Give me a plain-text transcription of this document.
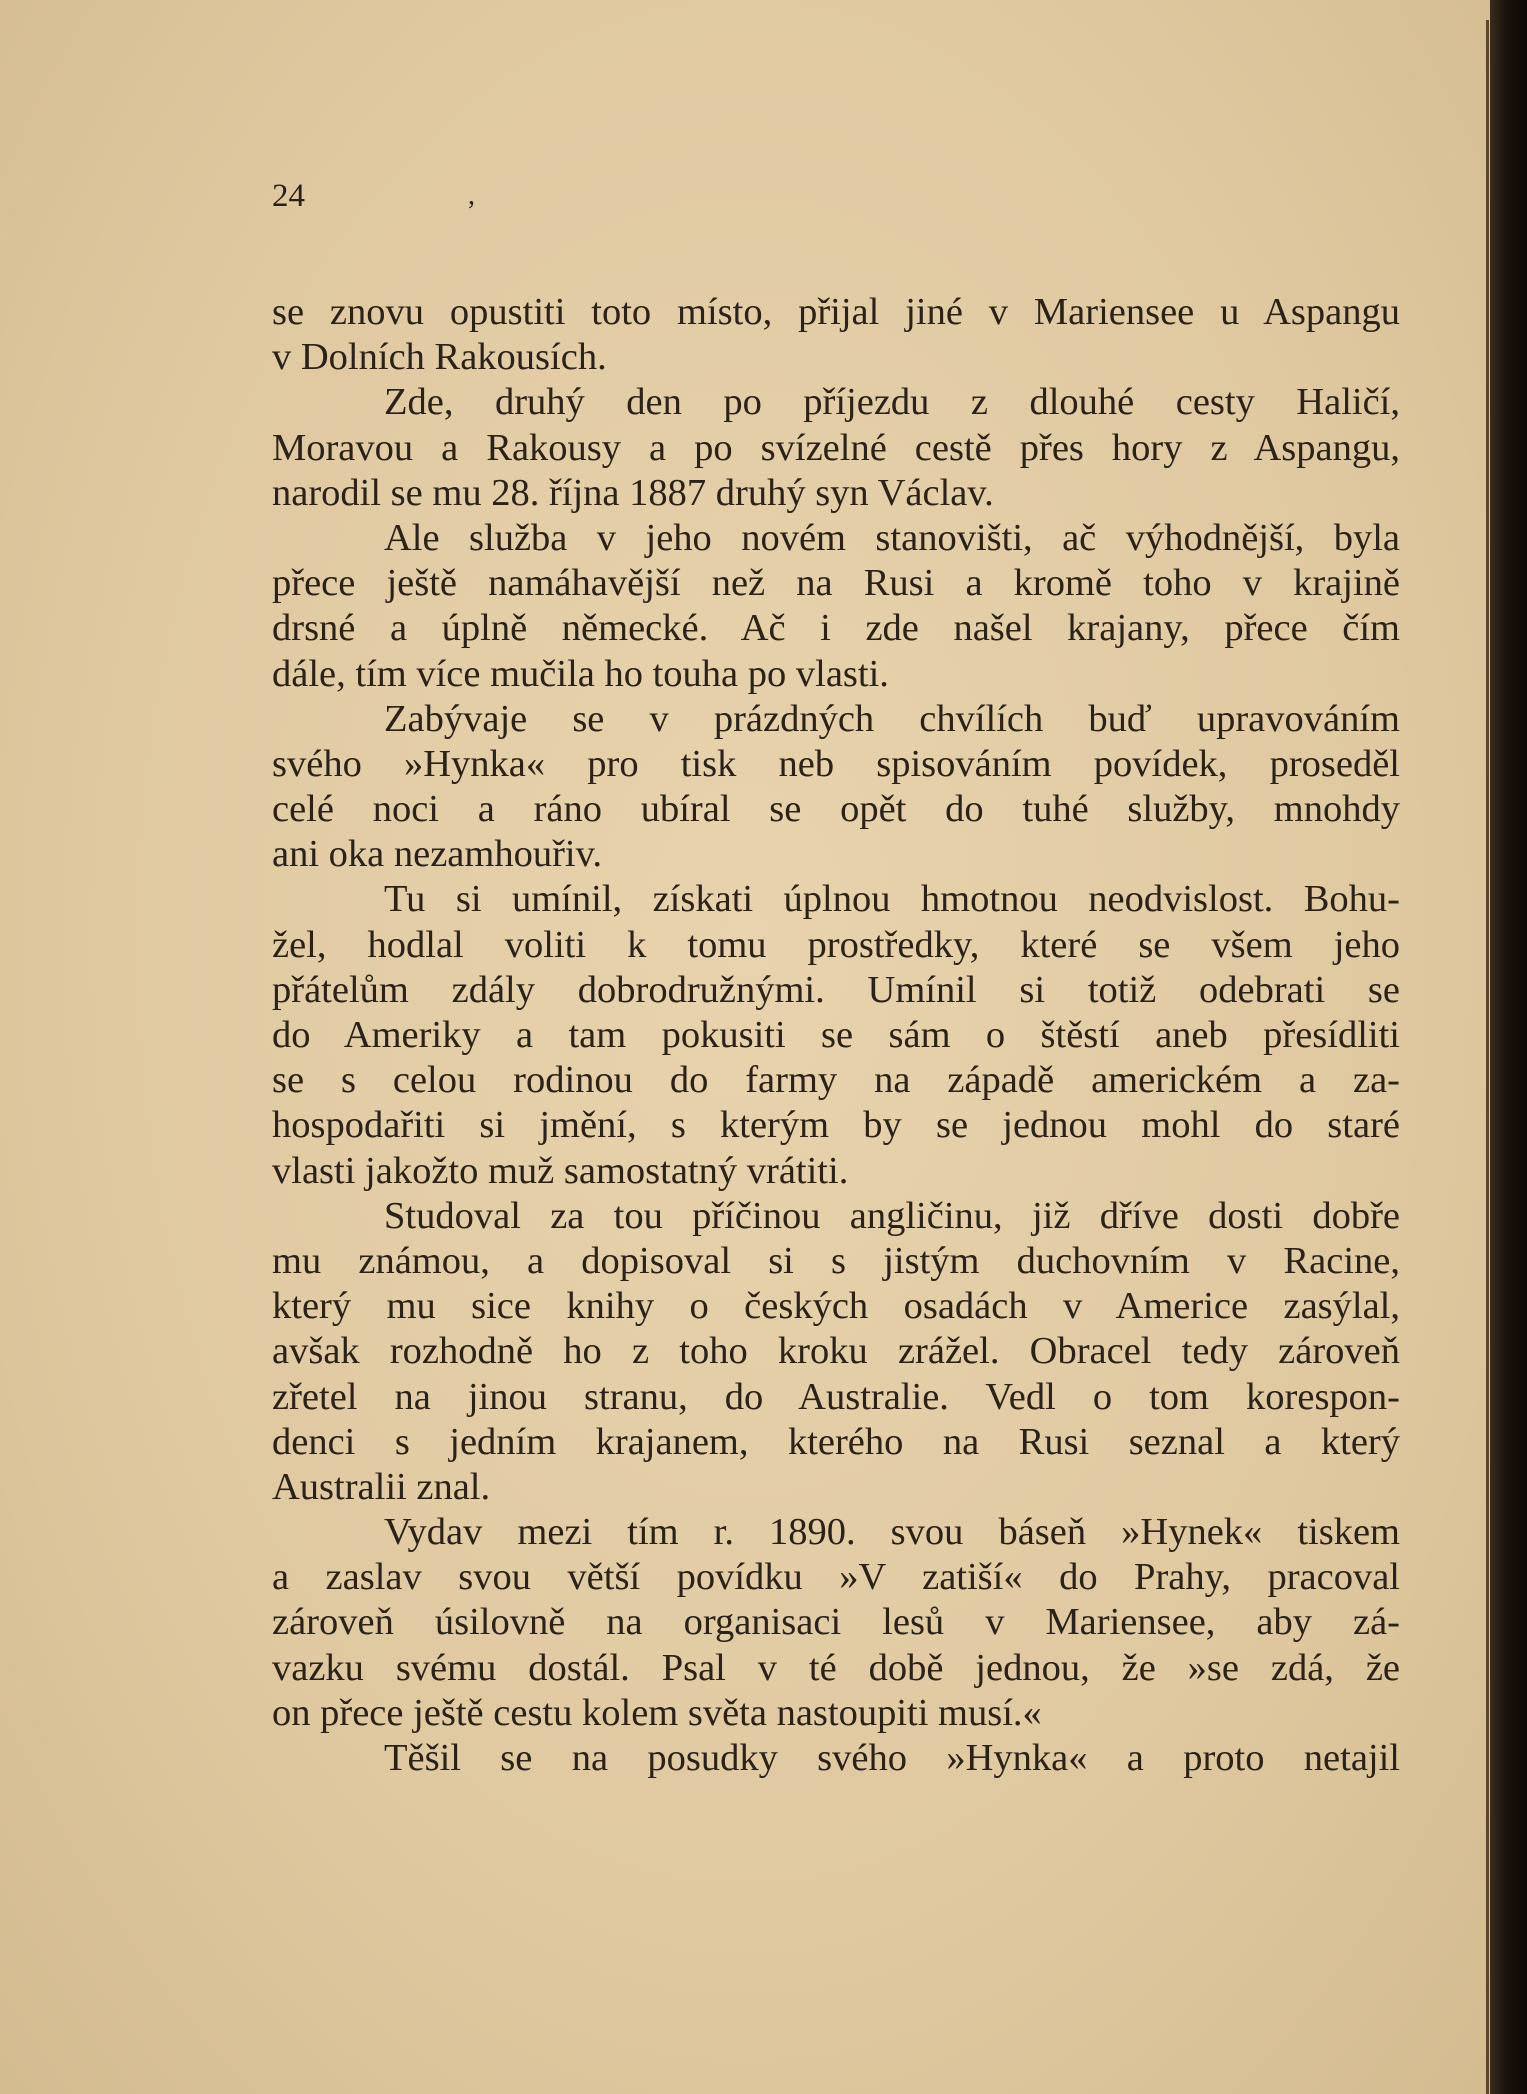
24	,
se znovu opustiti toto místo, přijal jiné v Mariensee u Aspangu
v Dolních Rakousích.
Zde, druhý den po příjezdu z dlouhé cesty Haličí,
Moravou a Rakousy a po svízelné cestě přes hory z Aspangu,
narodil se mu 28. října 1887 druhý syn Václav.
Ale služba v jeho novém stanovišti, ač výhodnější, byla
přece ještě namáhavější než na Rusi a kromě toho v krajině
drsné a úplně německé. Ač i zde našel krajany, přece čím
dále, tím více mučila ho touha po vlasti.
Zabývaje se v prázdných chvílích buď upravováním
svého »Hynka« pro tisk neb spisováním povídek, proseděl
celé noci a ráno ubíral se opět do tuhé služby, mnohdy
ani oka nezamhouřiv.
Tu si umínil, získati úplnou hmotnou neodvislost. Bohu-
žel, hodlal voliti k tomu prostředky, které se všem jeho
přátelům zdály dobrodružnými. Umínil si totiž odebrati se
do Ameriky a tam pokusiti se sám o štěstí aneb přesídliti
se s celou rodinou do farmy na západě americkém a za-
hospodařiti si jmění, s kterým by se jednou mohl do staré
vlasti jakožto muž samostatný vrátiti.
Studoval za tou příčinou angličinu, již dříve dosti dobře
mu známou, a dopisoval si s jistým duchovním v Racine,
který mu sice knihy o českých osadách v Americe zasýlal,
avšak rozhodně ho z toho kroku zrážel. Obracel tedy zároveň
zřetel na jinou stranu, do Australie. Vedl o tom korespon-
denci s jedním krajanem, kterého na Rusi seznal a který
Australii znal.
Vydav mezi tím r. 1890. svou báseň »Hynek« tiskem
a zaslav svou větší povídku »V zatiší« do Prahy, pracoval
zároveň úsilovně na organisaci lesů v Mariensee, aby zá-
vazku svému dostál. Psal v té době jednou, že »se zdá, že
on přece ještě cestu kolem světa nastoupiti musí.«
Těšil se na posudky svého »Hynka« a proto netajil
